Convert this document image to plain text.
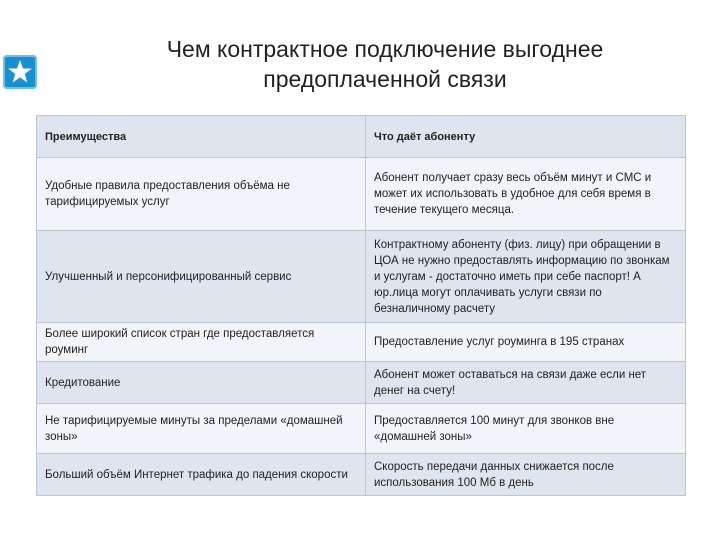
Чем контрактное подключение выгоднее
предоплаченной связи
Преимущества	Что даёт абоненту
Удобные правила предоставления объёма не тарифицируемых услуг	Абонент получает сразу весь объём минут и СМС и может их использовать в удобное для себя время в течение текущего месяца.
Улучшенный и персонифицированный сервис	Контрактному абоненту (физ. лицу) при обращении в ЦОА не нужно предоставлять информацию по звонкам и услугам - достаточно иметь при себе паспорт! А юр.лица могут оплачивать услуги связи по безналичному расчету
Более широкий список стран где предоставляется роуминг	Предоставление услуг роуминга в 195 странах
Кредитование	Абонент может оставаться на связи даже если нет денег на счету!
Не тарифицируемые минуты за пределами «домашней зоны»	Предоставляется 100 минут для звонков вне «домашней зоны»
Больший объём Интернет трафика до падения скорости	Скорость передачи данных снижается после использования 100 Мб в день
